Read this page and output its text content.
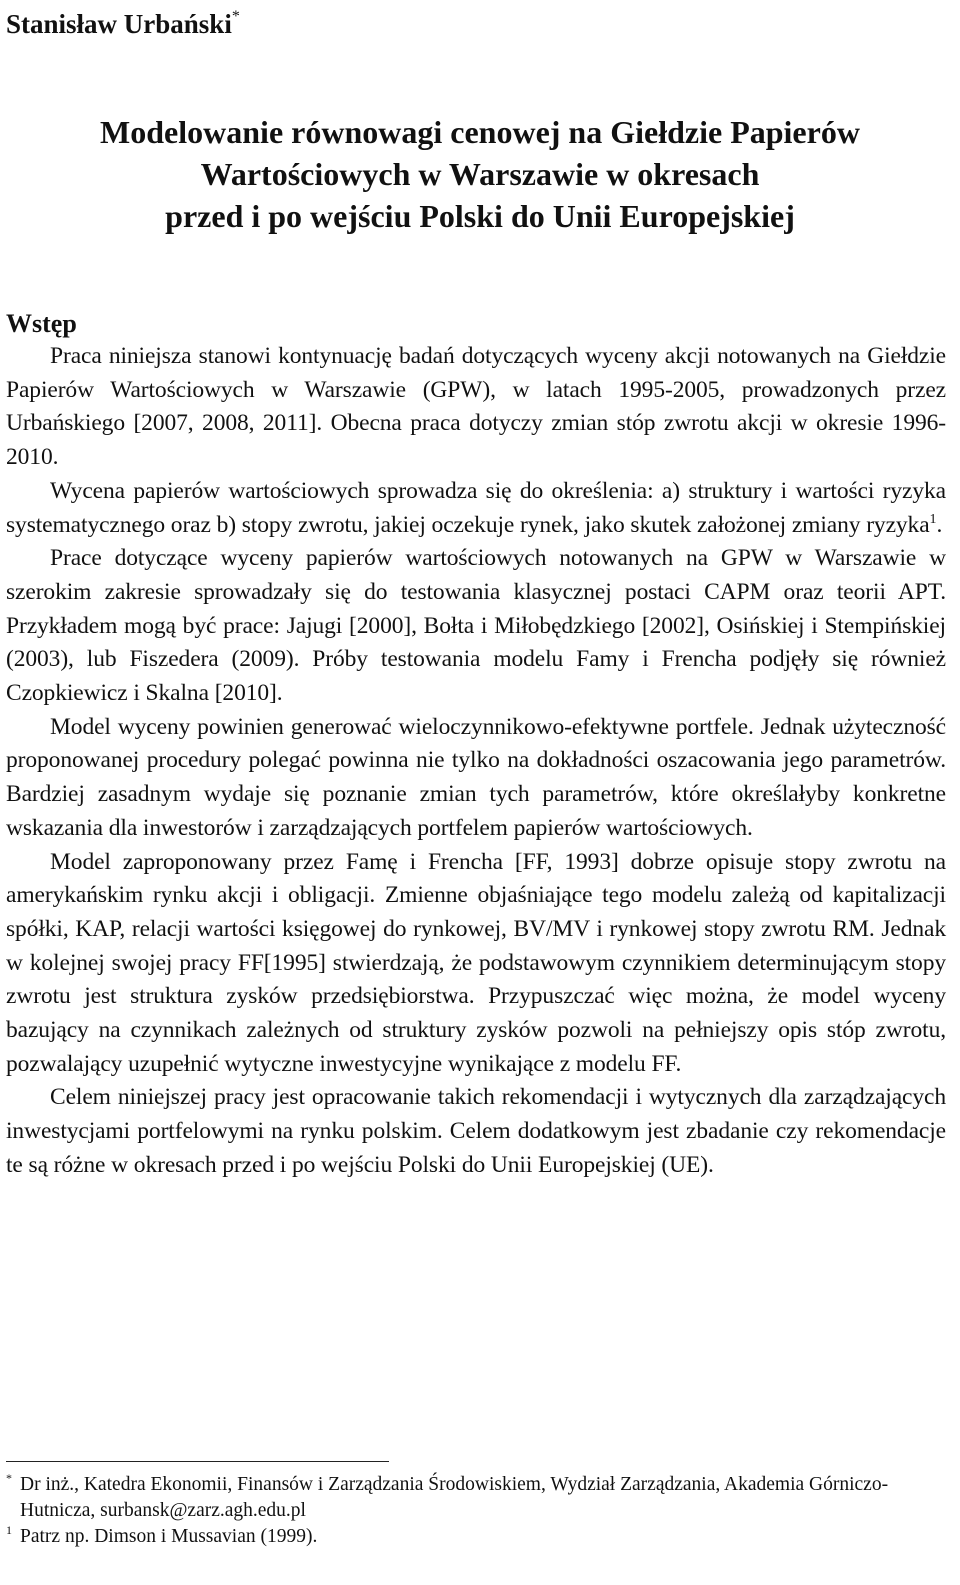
Stanisław Urbański*
Modelowanie równowagi cenowej na Giełdzie Papierów
Wartościowych w Warszawie w okresach
przed i po wejściu Polski do Unii Europejskiej
Wstęp

Praca niniejsza stanowi kontynuację badań dotyczących wyceny akcji notowanych na Giełdzie Papierów Wartościowych w Warszawie (GPW), w latach 1995-2005, prowadzonych przez Urbańskiego [2007, 2008, 2011]. Obecna praca dotyczy zmian stóp zwrotu akcji w okresie 1996-2010.

Wycena papierów wartościowych sprowadza się do określenia: a) struktury i wartości ryzyka systematycznego oraz b) stopy zwrotu, jakiej oczekuje rynek, jako skutek założonej zmiany ryzyka$^1$.

Prace dotyczące wyceny papierów wartościowych notowanych na GPW w Warszawie w szerokim zakresie sprowadzały się do testowania klasycznej postaci CAPM oraz teorii APT. Przykładem mogą być prace: Jajugi [2000], Bołta i Miłobędzkiego [2002], Osińskiej i Stempińskiej (2003), lub Fiszedera (2009). Próby testowania modelu Famy i Frencha podjęły się również Czopkiewicz i Skalna [2010].

Model wyceny powinien generować wieloczynnikowo-efektywne portfele. Jednak użyteczność proponowanej procedury polegać powinna nie tylko na dokładności oszacowania jego parametrów. Bardziej zasadnym wydaje się poznanie zmian tych parametrów, które określałyby konkretne wskazania dla inwestorów i zarządzających portfelem papierów wartościowych.

Model zaproponowany przez Famę i Frencha [FF, 1993] dobrze opisuje stopy zwrotu na amerykańskim rynku akcji i obligacji. Zmienne objaśniające tego modelu zależą od kapitalizacji spółki, KAP, relacji wartości księgowej do rynkowej, BV/MV i rynkowej stopy zwrotu RM. Jednak w kolejnej swojej pracy FF[1995] stwierdzają, że podstawowym czynnikiem determinującym stopy zwrotu jest struktura zysków przedsiębiorstwa. Przypuszczać więc można, że model wyceny bazujący na czynnikach zależnych od struktury zysków pozwoli na pełniejszy opis stóp zwrotu, pozwalający uzupełnić wytyczne inwestycyjne wynikające z modelu FF.

Celem niniejszej pracy jest opracowanie takich rekomendacji i wytycznych dla zarządzających inwestycjami portfelowymi na rynku polskim. Celem dodatkowym jest zbadanie czy rekomendacje te są różne w okresach przed i po wejściu Polski do Unii Europejskiej (UE).

* Dr inż., Katedra Ekonomii, Finansów i Zarządzania Środowiskiem, Wydział Zarządzania, Akademia Górniczo-Hutnicza, surbansk@zarz.agh.edu.pl

$^1$ Patrz np. Dimson i Mussavian (1999).
